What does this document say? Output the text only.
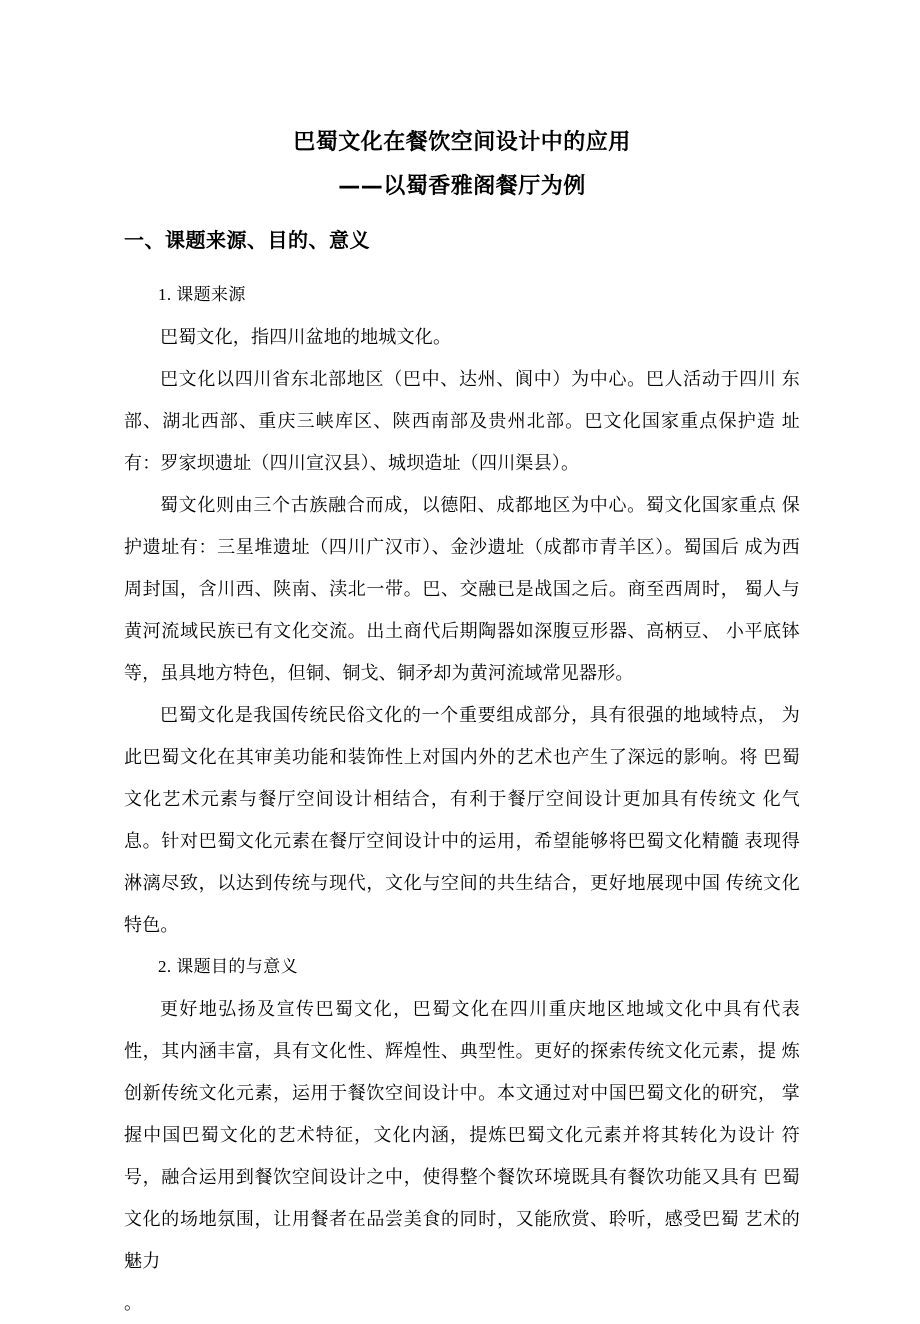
巴蜀文化在餐饮空间设计中的应用
——以蜀香雅阁餐厅为例
一、课题来源、目的、意义

1. 课题来源

巴蜀文化，指四川盆地的地城文化。

巴文化以四川省东北部地区（巴中、达州、阆中）为中心。巴人活动于四川 东部、湖北西部、重庆三峡库区、陕西南部及贵州北部。巴文化国家重点保护造 址有：罗家坝遗址（四川宣汉县）、城坝造址（四川渠县）。

蜀文化则由三个古族融合而成，以德阳、成都地区为中心。蜀文化国家重点 保护遗址有：三星堆遗址（四川广汉市）、金沙遗址（成都市青羊区）。蜀国后 成为西周封国，含川西、陕南、渎北一带。巴、交融已是战国之后。商至西周时， 蜀人与黄河流域民族已有文化交流。出土商代后期陶器如深腹豆形器、高柄豆、 小平底钵等，虽具地方特色，但铜、铜戈、铜矛却为黄河流域常见器形。

巴蜀文化是我国传统民俗文化的一个重要组成部分，具有很强的地域特点， 为此巴蜀文化在其审美功能和装饰性上对国内外的艺术也产生了深远的影响。将 巴蜀文化艺术元素与餐厅空间设计相结合，有利于餐厅空间设计更加具有传统文 化气息。针对巴蜀文化元素在餐厅空间设计中的运用，希望能够将巴蜀文化精髓 表现得淋漓尽致，以达到传统与现代，文化与空间的共生结合，更好地展现中国 传统文化特色。

2. 课题目的与意义

更好地弘扬及宣传巴蜀文化，巴蜀文化在四川重庆地区地域文化中具有代表 性，其内涵丰富，具有文化性、辉煌性、典型性。更好的探索传统文化元素，提 炼创新传统文化元素，运用于餐饮空间设计中。本文通过对中国巴蜀文化的研究， 掌握中国巴蜀文化的艺术特征，文化内涵，提炼巴蜀文化元素并将其转化为设计 符号，融合运用到餐饮空间设计之中，使得整个餐饮环境既具有餐饮功能又具有 巴蜀文化的场地氛围，让用餐者在品尝美食的同时，又能欣赏、聆听，感受巴蜀 艺术的魅力

。
